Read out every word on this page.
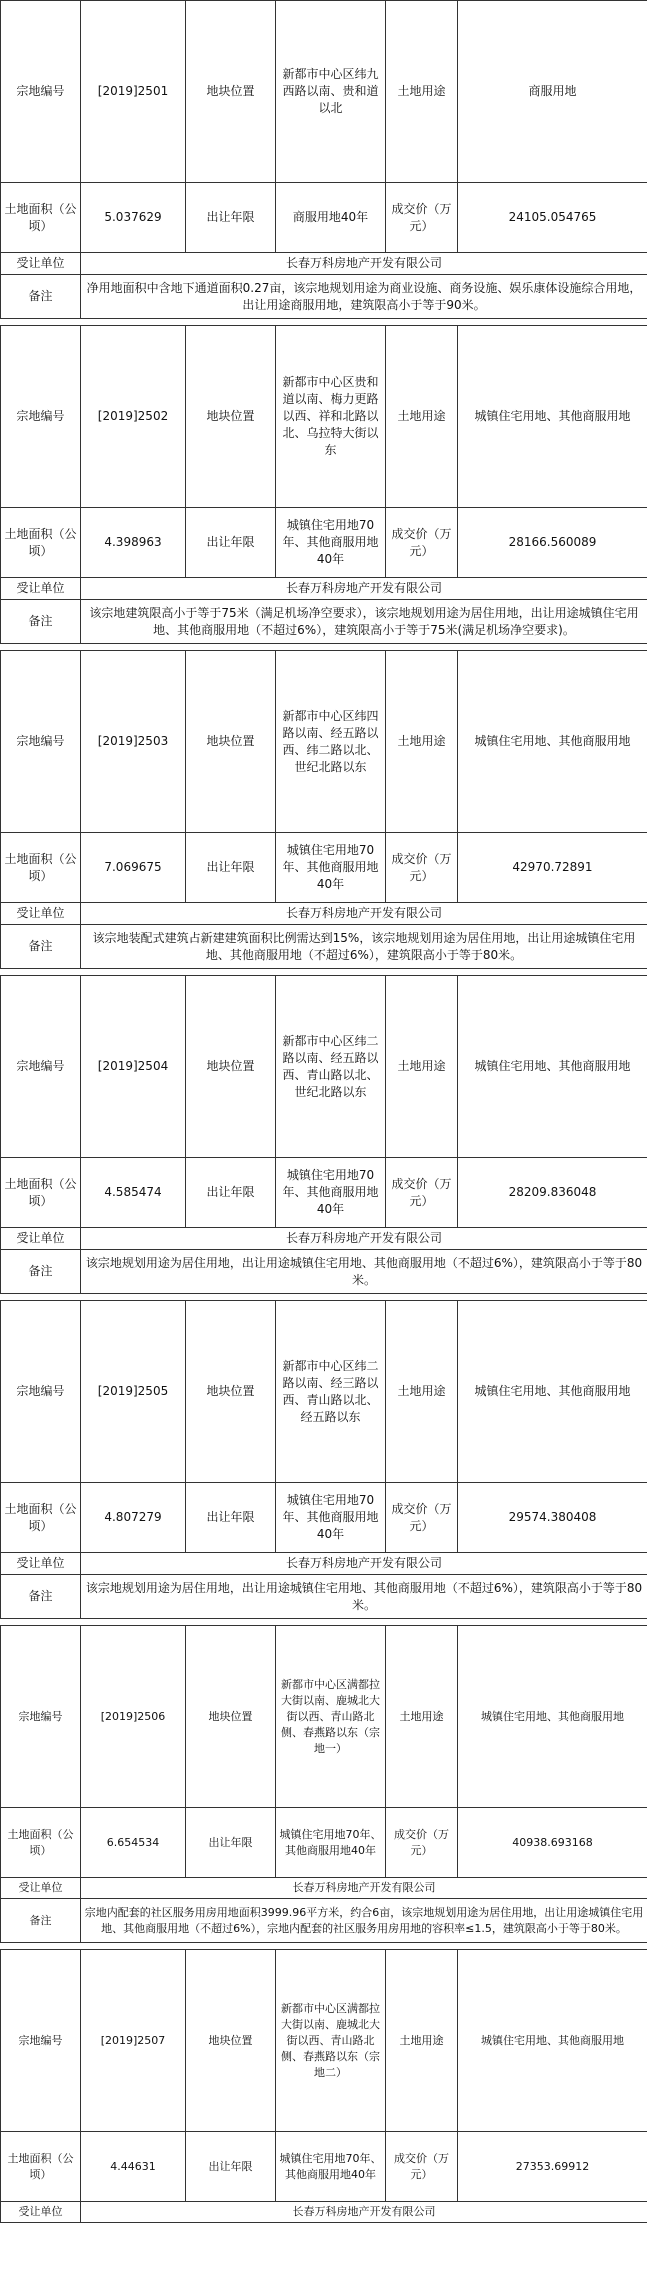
宗地编号	[2019]2501	地块位置	新都市中心区纬九西路以南、贵和道以北	土地用途	商服用地
土地面积（公顷）	5.037629	出让年限	商服用地40年	成交价（万元）	24105.054765
受让单位	长春万科房地产开发有限公司				
备注	净用地面积中含地下通道面积0.27亩，该宗地规划用途为商业设施、商务设施、娱乐康体设施综合用地，出让用途商服用地，建筑限高小于等于90米。				
宗地编号	[2019]2502	地块位置	新都市中心区贵和道以南、梅力更路以西、祥和北路以北、乌拉特大街以东	土地用途	城镇住宅用地、其他商服用地
土地面积（公顷）	4.398963	出让年限	城镇住宅用地70年、其他商服用地40年	成交价（万元）	28166.560089
受让单位	长春万科房地产开发有限公司				
备注	该宗地建筑限高小于等于75米（满足机场净空要求），该宗地规划用途为居住用地，出让用途城镇住宅用地、其他商服用地（不超过6%），建筑限高小于等于75米(满足机场净空要求)。				
宗地编号	[2019]2503	地块位置	新都市中心区纬四路以南、经五路以西、纬二路以北、世纪北路以东	土地用途	城镇住宅用地、其他商服用地
土地面积（公顷）	7.069675	出让年限	城镇住宅用地70年、其他商服用地40年	成交价（万元）	42970.72891
受让单位	长春万科房地产开发有限公司				
备注	该宗地装配式建筑占新建建筑面积比例需达到15%，该宗地规划用途为居住用地，出让用途城镇住宅用地、其他商服用地（不超过6%），建筑限高小于等于80米。				
宗地编号	[2019]2504	地块位置	新都市中心区纬二路以南、经五路以西、青山路以北、世纪北路以东	土地用途	城镇住宅用地、其他商服用地
土地面积（公顷）	4.585474	出让年限	城镇住宅用地70年、其他商服用地40年	成交价（万元）	28209.836048
受让单位	长春万科房地产开发有限公司				
备注	该宗地规划用途为居住用地，出让用途城镇住宅用地、其他商服用地（不超过6%），建筑限高小于等于80米。				
宗地编号	[2019]2505	地块位置	新都市中心区纬二路以南、经三路以西、青山路以北、经五路以东	土地用途	城镇住宅用地、其他商服用地
土地面积（公顷）	4.807279	出让年限	城镇住宅用地70年、其他商服用地40年	成交价（万元）	29574.380408
受让单位	长春万科房地产开发有限公司				
备注	该宗地规划用途为居住用地，出让用途城镇住宅用地、其他商服用地（不超过6%），建筑限高小于等于80米。				
宗地编号	[2019]2506	地块位置	新都市中心区满都拉大街以南、鹿城北大街以西、青山路北侧、春燕路以东（宗地一）	土地用途	城镇住宅用地、其他商服用地
土地面积（公顷）	6.654534	出让年限	城镇住宅用地70年、其他商服用地40年	成交价（万元）	40938.693168
受让单位	长春万科房地产开发有限公司				
备注	宗地内配套的社区服务用房用地面积3999.96平方米，约合6亩，该宗地规划用途为居住用地，出让用途城镇住宅用地、其他商服用地（不超过6%），宗地内配套的社区服务用房用地的容积率≤1.5，建筑限高小于等于80米。				
宗地编号	[2019]2507	地块位置	新都市中心区满都拉大街以南、鹿城北大街以西、青山路北侧、春燕路以东（宗地二）	土地用途	城镇住宅用地、其他商服用地
土地面积（公顷）	4.44631	出让年限	城镇住宅用地70年、其他商服用地40年	成交价（万元）	27353.69912
受让单位	长春万科房地产开发有限公司				
